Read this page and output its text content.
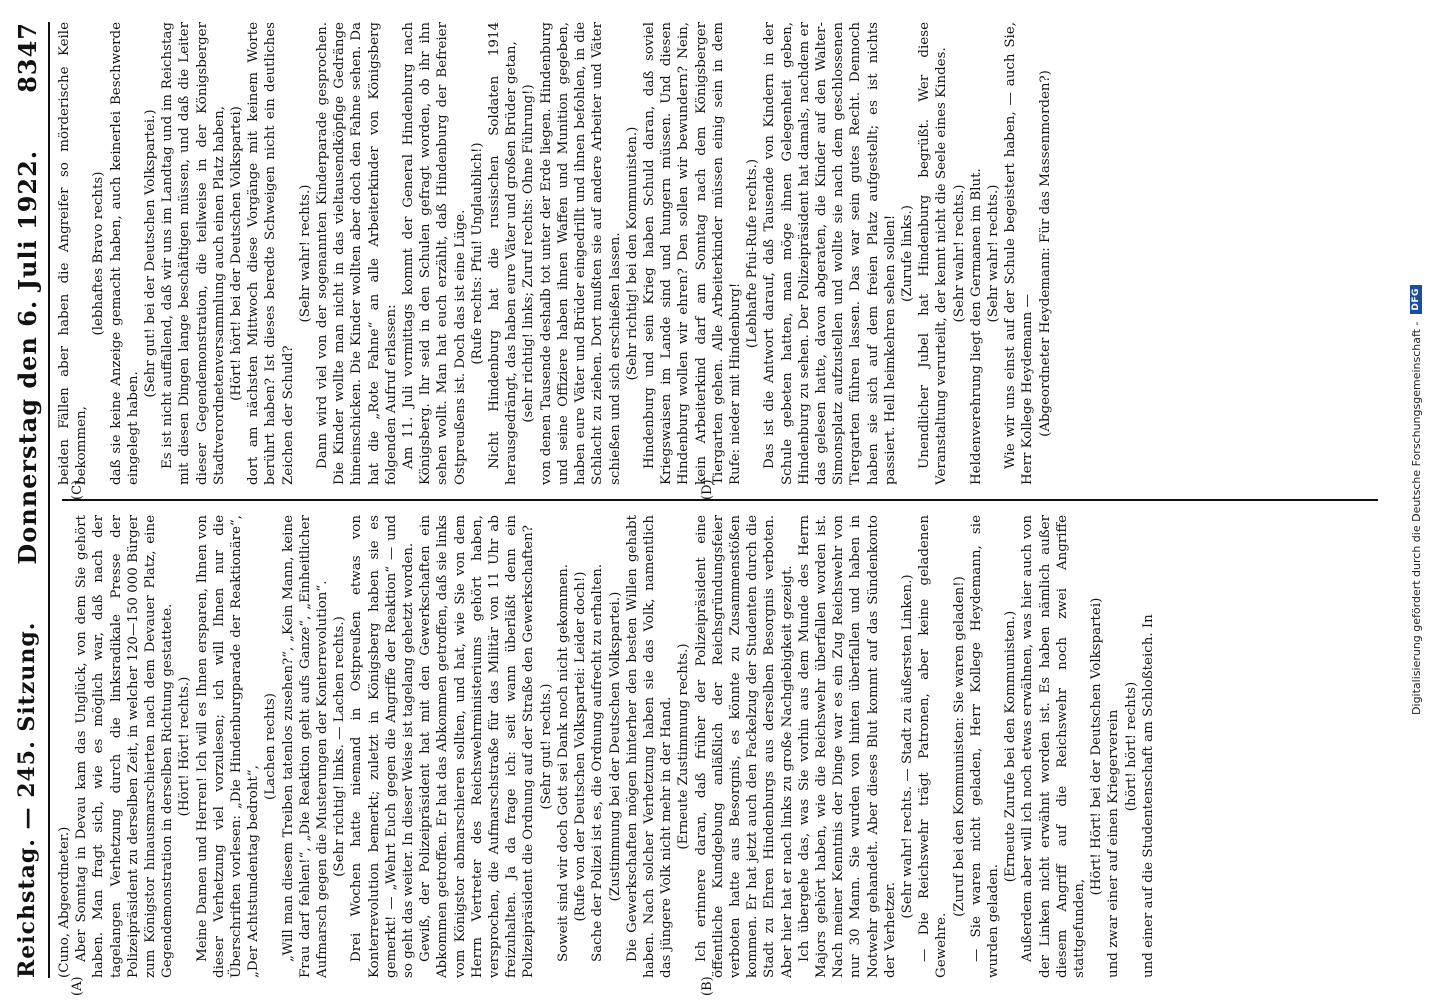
Reichstag. — 245. Sitzung.
Donnerstag den 6. Juli 1922.
8347

(Cuno, Abgeordneter.) Aber Sonntag in Devau kam das Unglück, von dem Sie gehört haben. Man fragt sich, wie es möglich war, daß nach der tagelangen Verhetzung durch die linksradikale Presse der Polizeipräsident zu derselben Zeit, in welcher 120—150 000 Bürger zum Königstor hinausmarschierten nach dem Devauer Platz, eine Gegendemonstration in derselben Richtung gestattete. (Hört! Hört! rechts.) Meine Damen und Herren! Ich will es Ihnen ersparen, Ihnen von dieser Verhetzung viel vorzulesen; ich will Ihnen nur die Überschriften vorlesen: „Die Hindenburgparade der Reaktionäre“, „Der Achtstundentag bedroht“,

(Lachen rechts) „Will man diesem Treiben tatenlos zusehen?“, „Kein Mann, keine Frau darf fehlen!“, „Die Reaktion geht aufs Ganze“, „Einheitlicher Aufmarsch gegen die Musterungen der Konterrevolution“. (Sehr richtig! links. — Lachen rechts.) Drei Wochen hatte niemand in Ostpreußen etwas von Konterrevolution bemerkt; zuletzt in Königsberg haben sie es gemerkt! — „Wehrt Euch gegen die Angriffe der Reaktion“ — und so geht das weiter. In dieser Weise ist tagelang gehetzt worden. Gewiß, der Polizeipräsident hat mit den Gewerkschaften ein Abkommen getroffen. Er hat das Abkommen getroffen, daß sie links vom Königstor abmarschieren sollten, und hat, wie Sie von dem Herrn Vertreter des Reichswehrministeriums gehört haben, versprochen, die Aufmarschstraße für das Militär von 11 Uhr ab freizuhalten. Ja da frage ich: seit wann überläßt denn ein Polizeipräsident die Ordnung auf der Straße den Gewerkschaften? (Sehr gut! rechts.) Soweit sind wir doch Gott sei Dank noch nicht gekommen. (Rufe von der Deutschen Volkspartei: Leider doch!) Sache der Polizei ist es, die Ordnung aufrecht zu erhalten. (Zustimmung bei der Deutschen Volkspartei.) Die Gewerkschaften mögen hinterher den besten Willen gehabt haben. Nach solcher Verhetzung haben sie das Volk, namentlich das jüngere Volk nicht mehr in der Hand. (Erneute Zustimmung rechts.) Ich erinnere daran, daß früher der Polizeipräsident eine öffentliche Kundgebung anläßlich der Reichsgründungsfeier verboten hatte aus Besorgnis, es könnte zu Zusammenstößen kommen. Er hat jetzt auch den Fackelzug der Studenten durch die Stadt zu Ehren Hindenburgs aus derselben Besorgnis verboten. Aber hier hat er nach links zu große Nachgiebigkeit gezeigt. Ich übergehe das, was Sie vorhin aus dem Munde des Herrn Majors gehört haben, wie die Reichswehr überfallen worden ist. Nach meiner Kenntnis der Dinge war es ein Zug Reichswehr von nur 30 Mann. Sie wurden von hinten überfallen und haben in Notwehr gehandelt. Aber dieses Blut kommt auf das Sündenkonto der Verhetzer.

(Sehr wahr! rechts. — Stadt zu äußersten Linken.) — Die Reichswehr trägt Patronen, aber keine geladenen Gewehre.

(Zuruf bei den Kommunisten: Sie waren geladen!) — Sie waren nicht geladen, Herr Kollege Heydemann, sie wurden geladen.

(Erneute Zurufe bei den Kommunisten.) Außerdem aber will ich noch etwas erwähnen, was hier auch von der Linken nicht erwähnt worden ist. Es haben nämlich außer diesem Angriff auf die Reichswehr noch zwei Angriffe stattgefunden,

(Hört! Hört! bei der Deutschen Volkspartei) und zwar einer auf einen Kriegerverein (hört! hört! rechts) und einer auf die Studentenschaft am Schloßteich. In

beiden Fällen aber haben die Angreifer so mörderische Keile bekommen,

(lebhaftes Bravo rechts) daß sie keine Anzeige gemacht haben, auch keinerlei Beschwerde eingelegt haben.

(Sehr gut! bei der Deutschen Volkspartei.) Es ist nicht auffallend, daß wir uns im Landtag und im Reichstag mit diesen Dingen lange beschäftigen müssen, und daß die Leiter dieser Gegendemonstration, die teilweise in der Königsberger Stadtverordnetenversammlung auch einen Platz haben, (Hört! hört! bei der Deutschen Volkspartei) dort am nächsten Mittwoch diese Vorgänge mit keinem Worte berührt haben? Ist dieses beredte Schweigen nicht ein deutliches Zeichen der Schuld?

(Sehr wahr! rechts.) Dann wird viel von der sogenannten Kinderparade gesprochen. Die Kinder wollte man nicht in das vieltausendköpfige Gedränge hineinschicken. Die Kinder wollten aber doch den Fahne sehen. Da hat die „Rote Fahne“ an alle Arbeiterkinder von Königsberg folgenden Aufruf erlassen: Am 11. Juli vormittags kommt der General Hindenburg nach Königsberg. Ihr seid in den Schulen gefragt worden, ob ihr ihn sehen wollt. Man hat euch erzählt, daß Hindenburg der Befreier Ostpreußens ist. Doch das ist eine Lüge. (Rufe rechts: Pfui! Unglaublich!) Nicht Hindenburg hat die russischen Soldaten 1914 herausgedrängt, das haben eure Väter und großen Brüder getan, (sehr richtig! links; Zuruf rechts: Ohne Führung!) von denen Tausende deshalb tot unter der Erde liegen. Hindenburg und seine Offiziere haben ihnen Waffen und Munition gegeben, haben eure Väter und Brüder eingedrillt und ihnen befohlen, in die Schlacht zu ziehen. Dort mußten sie auf andere Arbeiter und Väter schießen und sich erschießen lassen. (Sehr richtig! bei den Kommunisten.) Hindenburg und sein Krieg haben Schuld daran, daß soviel Kriegswaisen im Lande sind und hungern müssen. Und diesen Hindenburg wollen wir ehren? Den sollen wir bewundern? Nein, kein Arbeiterkind darf am Sonntag nach dem Königsberger Tiergarten gehen. Alle Arbeiterkinder müssen einig sein in dem Rufe: nieder mit Hindenburg!

(Lebhafte Pfui-Rufe rechts.) Das ist die Antwort darauf, daß Tausende von Kindern in der Schule gebeten hatten, man möge ihnen Gelegenheit geben, Hindenburg zu sehen. Der Polizeipräsident hat damals, nachdem er das gelesen hatte, davon abgeraten, die Kinder auf den Walter-Simonsplatz aufzustellen und wollte sie nach dem geschlossenen Tiergarten führen lassen. Das war sein gutes Recht. Dennoch haben sie sich auf dem freien Platz aufgestellt; es ist nichts passiert. Hell heimkehren sehen sollen! (Zurufe links.) Unendlicher Jubel hat Hindenburg begrüßt. Wer diese Veranstaltung verurteilt, der kennt nicht die Seele eines Kindes. (Sehr wahr! rechts.) Heldenverehrung liegt den Germanen im Blut. (Sehr wahr! rechts.) Wie wir uns einst auf der Schule begeistert haben, — auch Sie, Herr Kollege Heydemann — (Abgeordneter Heydemann: Für das Massenmorden?)

(A)	(B)
(C)	(D)	Digitalisierung gefördert durch die Deutsche Forschungsgemeinschaft -
DFG
